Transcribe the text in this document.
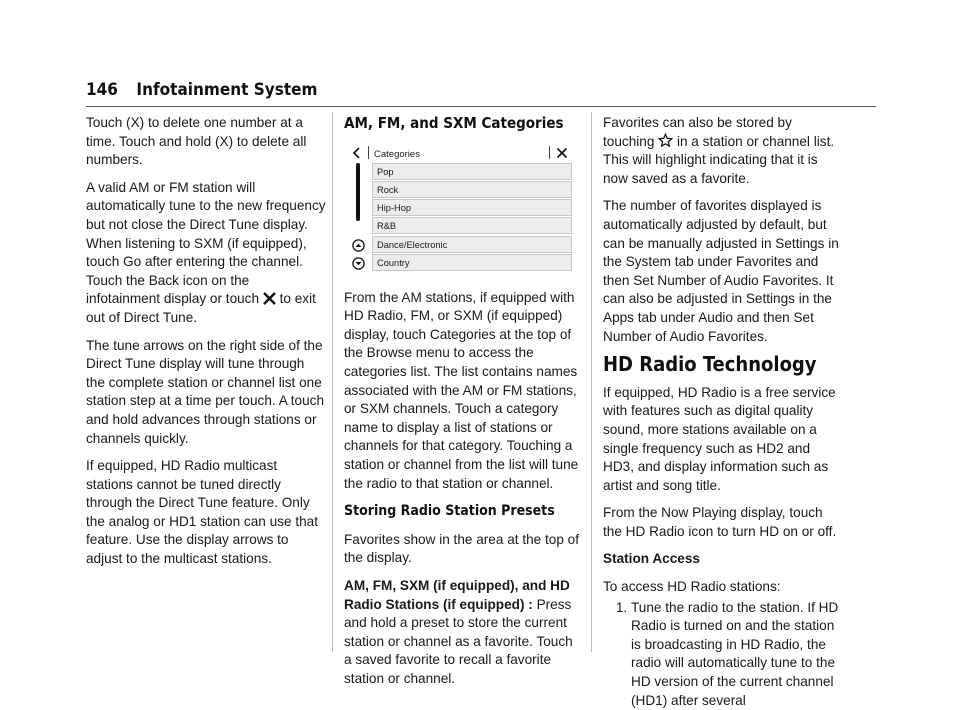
146 Infotainment System

Touch (X) to delete one number at a time. Touch and hold (X) to delete all numbers.

A valid AM or FM station will automatically tune to the new frequency but not close the Direct Tune display. When listening to SXM (if equipped), touch Go after entering the channel. Touch the Back icon on the infotainment display or touch  to exit out of Direct Tune.

The tune arrows on the right side of the Direct Tune display will tune through the complete station or channel list one station step at a time per touch. A touch and hold advances through stations or channels quickly.

If equipped, HD Radio multicast stations cannot be tuned directly through the Direct Tune feature. Only the analog or HD1 station can use that feature. Use the display arrows to adjust to the multicast stations.

AM, FM, and SXM Categories
Categories
Pop
Rock
Hip-Hop
R&B
Dance/Electronic
Country

From the AM stations, if equipped with HD Radio, FM, or SXM (if equipped) display, touch Categories at the top of the Browse menu to access the categories list. The list contains names associated with the AM or FM stations, or SXM channels. Touch a category name to display a list of stations or channels for that category. Touching a station or channel from the list will tune the radio to that station or channel.

Storing Radio Station Presets

Favorites show in the area at the top of the display.

AM, FM, SXM (if equipped), and HD Radio Stations (if equipped) : Press and hold a preset to store the current station or channel as a favorite. Touch a saved favorite to recall a favorite station or channel.

Favorites can also be stored by touching  in a station or channel list. This will highlight indicating that it is now saved as a favorite.

The number of favorites displayed is automatically adjusted by default, but can be manually adjusted in Settings in the System tab under Favorites and then Set Number of Audio Favorites. It can also be adjusted in Settings in the Apps tab under Audio and then Set Number of Audio Favorites.

HD Radio Technology

If equipped, HD Radio is a free service with features such as digital quality sound, more stations available on a single frequency such as HD2 and HD3, and display information such as artist and song title.

From the Now Playing display, touch the HD Radio icon to turn HD on or off.

Station Access

To access HD Radio stations:

1. Tune the radio to the station. If HD Radio is turned on and the station is broadcasting in HD Radio, the radio will automatically tune to the HD version of the current channel (HD1) after several
